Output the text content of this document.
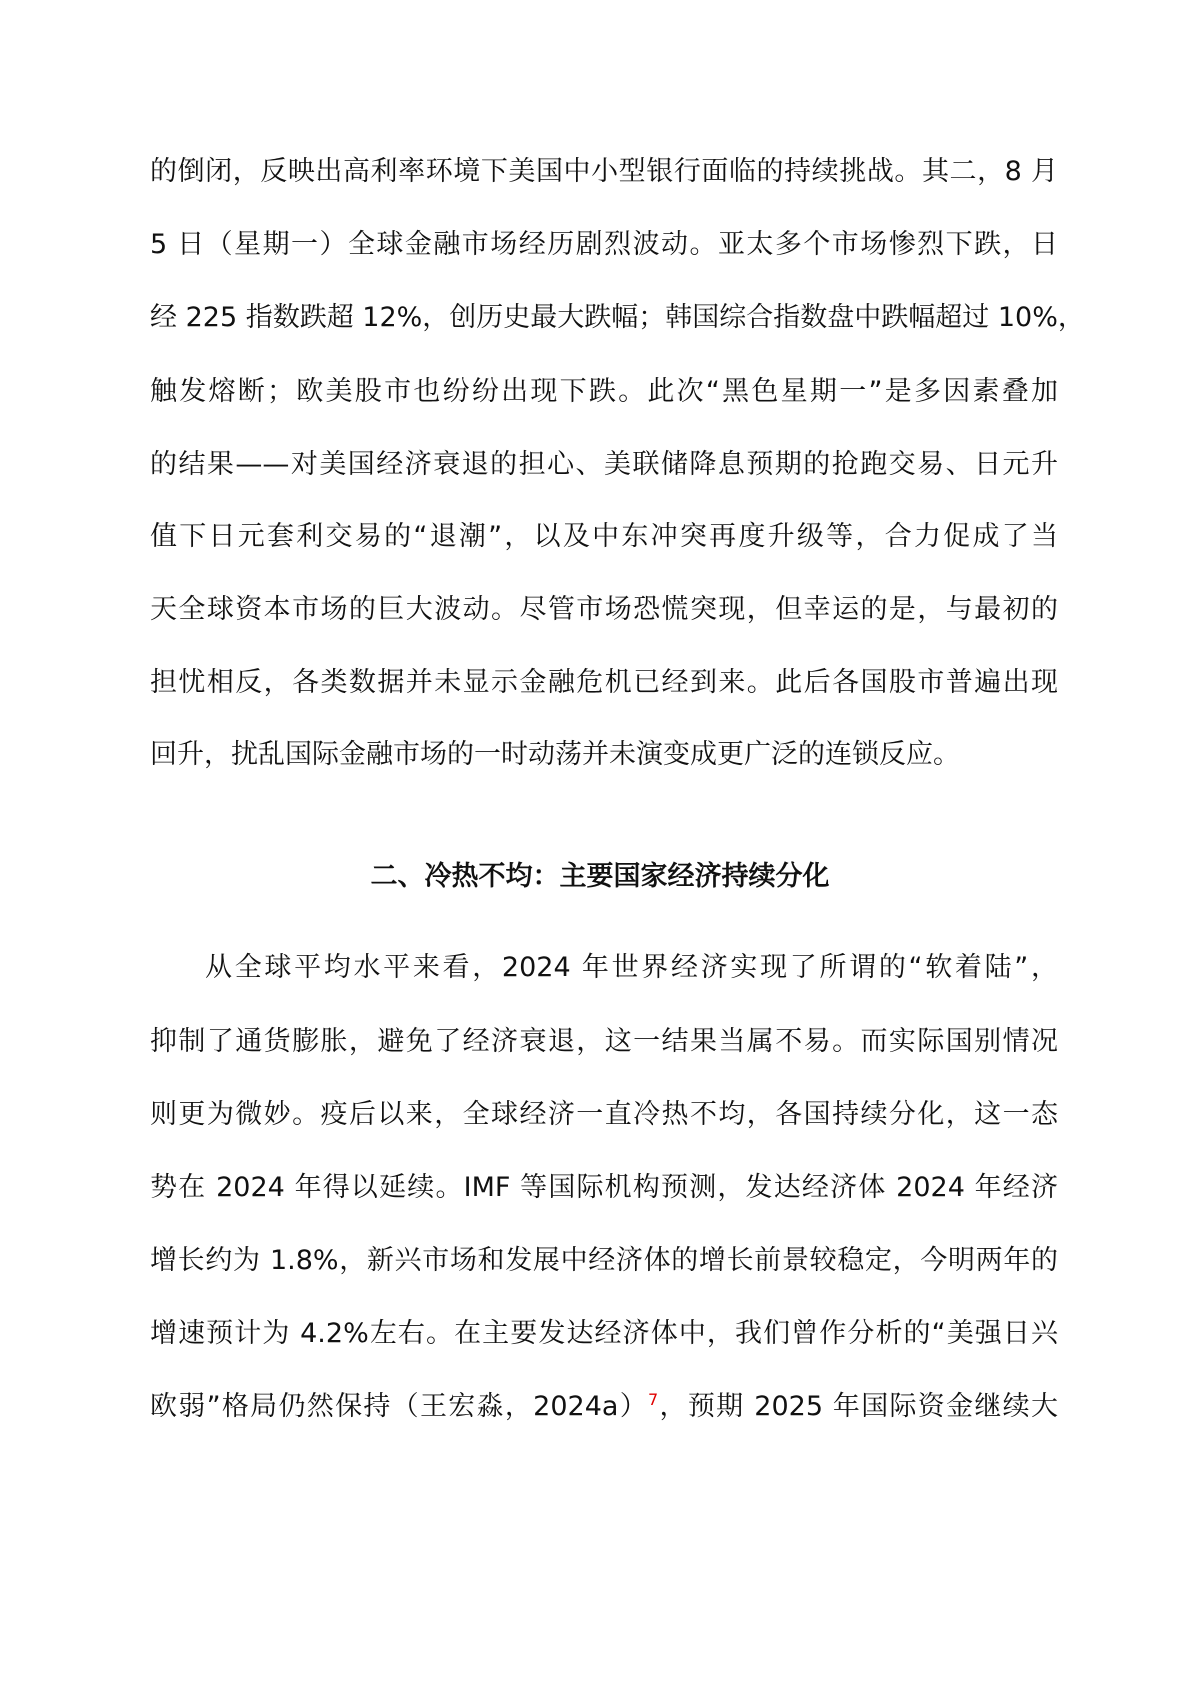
的倒闭，反映出高利率环境下美国中小型银行面临的持续挑战。其二，8 月
5 日（星期一）全球金融市场经历剧烈波动。亚太多个市场惨烈下跌，日
经 225 指数跌超 12%，创历史最大跌幅；韩国综合指数盘中跌幅超过 10%，
触发熔断；欧美股市也纷纷出现下跌。此次“黑色星期一”是多因素叠加
的结果——对美国经济衰退的担心、美联储降息预期的抢跑交易、日元升
值下日元套利交易的“退潮”，以及中东冲突再度升级等，合力促成了当
天全球资本市场的巨大波动。尽管市场恐慌突现，但幸运的是，与最初的
担忧相反，各类数据并未显示金融危机已经到来。此后各国股市普遍出现
回升，扰乱国际金融市场的一时动荡并未演变成更广泛的连锁反应。
二、冷热不均：主要国家经济持续分化
从全球平均水平来看，2024 年世界经济实现了所谓的“软着陆”，
抑制了通货膨胀，避免了经济衰退，这一结果当属不易。而实际国别情况
则更为微妙。疫后以来，全球经济一直冷热不均，各国持续分化，这一态
势在 2024 年得以延续。IMF 等国际机构预测，发达经济体 2024 年经济
增长约为 1.8%，新兴市场和发展中经济体的增长前景较稳定，今明两年的
增速预计为 4.2%左右。在主要发达经济体中，我们曾作分析的“美强日兴
欧弱”格局仍然保持（王宏淼，2024a）$^7$，预期 2025 年国际资金继续大
